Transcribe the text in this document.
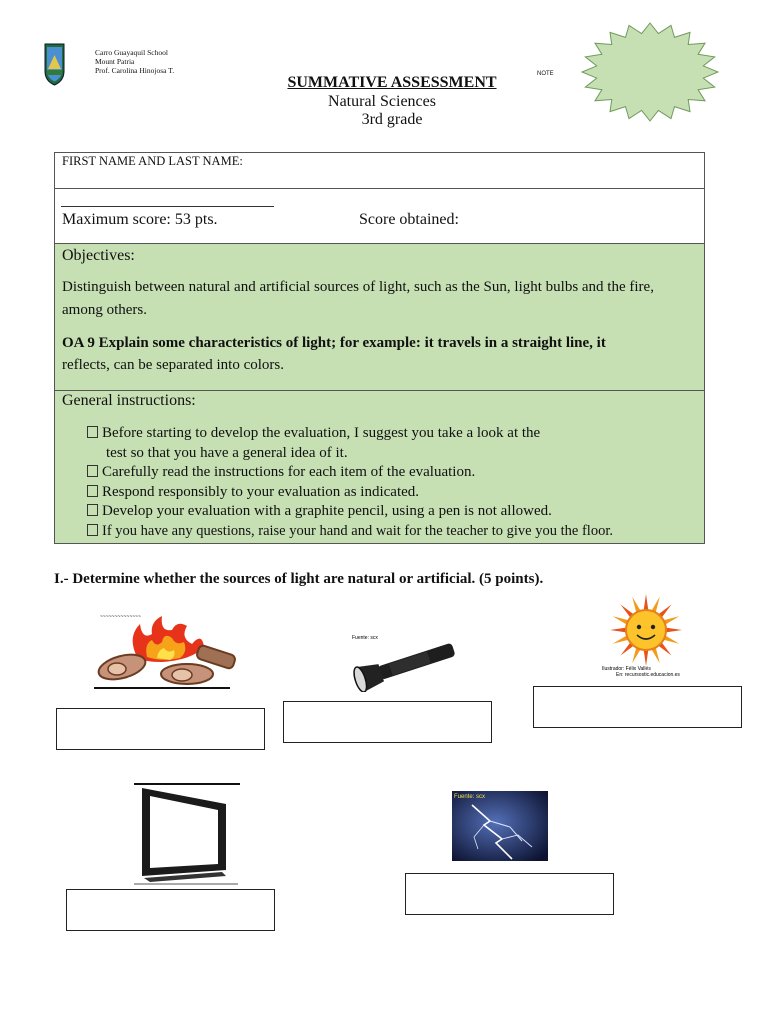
Carro Guayaquil School
Mount Patria
Prof. Carolina Hinojosa T.
SUMMATIVE ASSESSMENT
Natural Sciences
3rd grade
NOTE
FIRST NAME AND LAST NAME:
Maximum score: 53 pts.	Score obtained:
Objectives:

Distinguish between natural and artificial sources of light, such as the Sun, light bulbs and the fire, among others.

OA 9 Explain some characteristics of light; for example: it travels in a straight line, it
reflects, can be separated into colors.

General instructions:
Before starting to develop the evaluation, I suggest you take a look at the
test so that you have a general idea of it.
Carefully read the instructions for each item of the evaluation.
Respond responsibly to your evaluation as indicated.
Develop your evaluation with a graphite pencil, using a pen is not allowed.
If you have any questions, raise your hand and wait for the teacher to give you the floor.
I.- Determine whether the sources of light are natural or artificial. (5 points).
~~~~~~~~~~~~~~
Fuente: scx
Ilustrador: Félix Vallés
En: recursostic.educacion.es
Fuente: scx
